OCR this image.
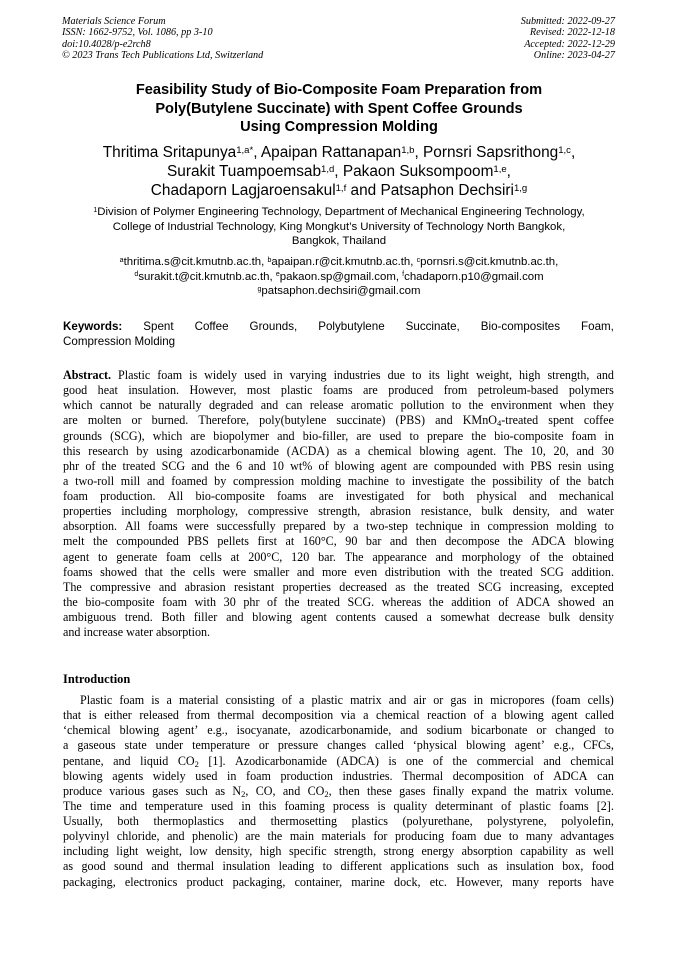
Materials Science Forum
ISSN: 1662-9752, Vol. 1086, pp 3-10
doi:10.4028/p-e2rch8
© 2023 Trans Tech Publications Ltd, Switzerland
Submitted: 2022-09-27
Revised: 2022-12-18
Accepted: 2022-12-29
Online: 2023-04-27
Feasibility Study of Bio-Composite Foam Preparation from
Poly(Butylene Succinate) with Spent Coffee Grounds
Using Compression Molding
Thritima Sritapunya$^{1,a*}$, Apaipan Rattanapan$^{1,b}$, Pornsri Sapsrithong$^{1,c}$,
Surakit Tuampoemsab$^{1,d}$, Pakaon Suksompoom$^{1,e}$,
Chadaporn Lagjaroensakul$^{1,f}$ and Patsaphon Dechsiri$^{1,g}$
$^1$Division of Polymer Engineering Technology, Department of Mechanical Engineering Technology,
College of Industrial Technology, King Mongkut’s University of Technology North Bangkok,
Bangkok, Thailand
$^a$thritima.s@cit.kmutnb.ac.th, $^b$apaipan.r@cit.kmutnb.ac.th, $^c$pornsri.s@cit.kmutnb.ac.th,
$^d$surakit.t@cit.kmutnb.ac.th, $^e$pakaon.sp@gmail.com, $^f$chadaporn.p10@gmail.com
$^g$patsaphon.dechsiri@gmail.com
Keywords: Spent Coffee Grounds, Polybutylene Succinate, Bio-composites Foam,
Compression Molding
Abstract. Plastic foam is widely used in varying industries due to its light weight, high strength, and
good heat insulation. However, most plastic foams are produced from petroleum-based polymers
which cannot be naturally degraded and can release aromatic pollution to the environment when they
are molten or burned. Therefore, poly(butylene succinate) (PBS) and KMnO$_4$-treated spent coffee
grounds (SCG), which are biopolymer and bio-filler, are used to prepare the bio-composite foam in
this research by using azodicarbonamide (ACDA) as a chemical blowing agent. The 10, 20, and 30
phr of the treated SCG and the 6 and 10 wt% of blowing agent are compounded with PBS resin using
a two-roll mill and foamed by compression molding machine to investigate the possibility of the batch
foam production. All bio-composite foams are investigated for both physical and mechanical
properties including morphology, compressive strength, abrasion resistance, bulk density, and water
absorption. All foams were successfully prepared by a two-step technique in compression molding to
melt the compounded PBS pellets first at 160°C, 90 bar and then decompose the ADCA blowing
agent to generate foam cells at 200°C, 120 bar. The appearance and morphology of the obtained
foams showed that the cells were smaller and more even distribution with the treated SCG addition.
The compressive and abrasion resistant properties decreased as the treated SCG increasing, excepted
the bio-composite foam with 30 phr of the treated SCG. whereas the addition of ADCA showed an
ambiguous trend. Both filler and blowing agent contents caused a somewhat decrease bulk density
and increase water absorption.
Introduction
Plastic foam is a material consisting of a plastic matrix and air or gas in micropores (foam cells)
that is either released from thermal decomposition via a chemical reaction of a blowing agent called
‘chemical blowing agent’ e.g., isocyanate, azodicarbonamide, and sodium bicarbonate or changed to
a gaseous state under temperature or pressure changes called ‘physical blowing agent’ e.g., CFCs,
pentane, and liquid $CO_2$ [1]. Azodicarbonamide (ADCA) is one of the commercial and chemical
blowing agents widely used in foam production industries. Thermal decomposition of ADCA can
produce various gases such as $N_2$, CO, and $CO_2$, then these gases finally expand the matrix volume.
The time and temperature used in this foaming process is quality determinant of plastic foams [2].
Usually, both thermoplastics and thermosetting plastics (polyurethane, polystyrene, polyolefin,
polyvinyl chloride, and phenolic) are the main materials for producing foam due to many advantages
including light weight, low density, high specific strength, strong energy absorption capability as well
as good sound and thermal insulation leading to different applications such as insulation box, food
packaging, electronics product packaging, container, marine dock, etc. However, many reports have
